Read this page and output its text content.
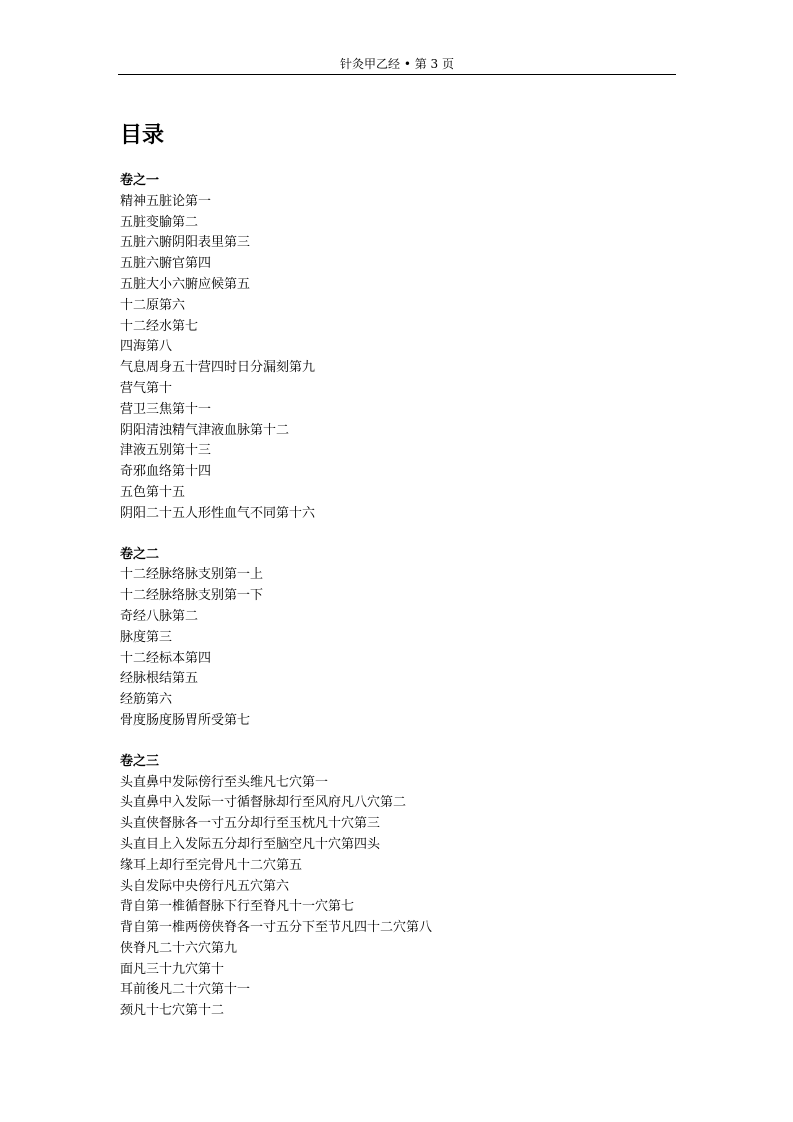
针灸甲乙经 • 第 3 页
目录
卷之一
精神五脏论第一
五脏变腧第二
五脏六腑阴阳表里第三
五脏六腑官第四
五脏大小六腑应候第五
十二原第六
十二经水第七
四海第八
气息周身五十营四时日分漏刻第九
营气第十
营卫三焦第十一
阴阳清浊精气津液血脉第十二
津液五别第十三
奇邪血络第十四
五色第十五
阴阳二十五人形性血气不同第十六
卷之二
十二经脉络脉支别第一上
十二经脉络脉支别第一下
奇经八脉第二
脉度第三
十二经标本第四
经脉根结第五
经筋第六
骨度肠度肠胃所受第七
卷之三
头直鼻中发际傍行至头维凡七穴第一
头直鼻中入发际一寸循督脉却行至风府凡八穴第二
头直侠督脉各一寸五分却行至玉枕凡十穴第三
头直目上入发际五分却行至脑空凡十穴第四头
缘耳上却行至完骨凡十二穴第五
头自发际中央傍行凡五穴第六
背自第一椎循督脉下行至脊凡十一穴第七
背自第一椎两傍侠脊各一寸五分下至节凡四十二穴第八
侠脊凡二十六穴第九
面凡三十九穴第十
耳前後凡二十穴第十一
颈凡十七穴第十二
